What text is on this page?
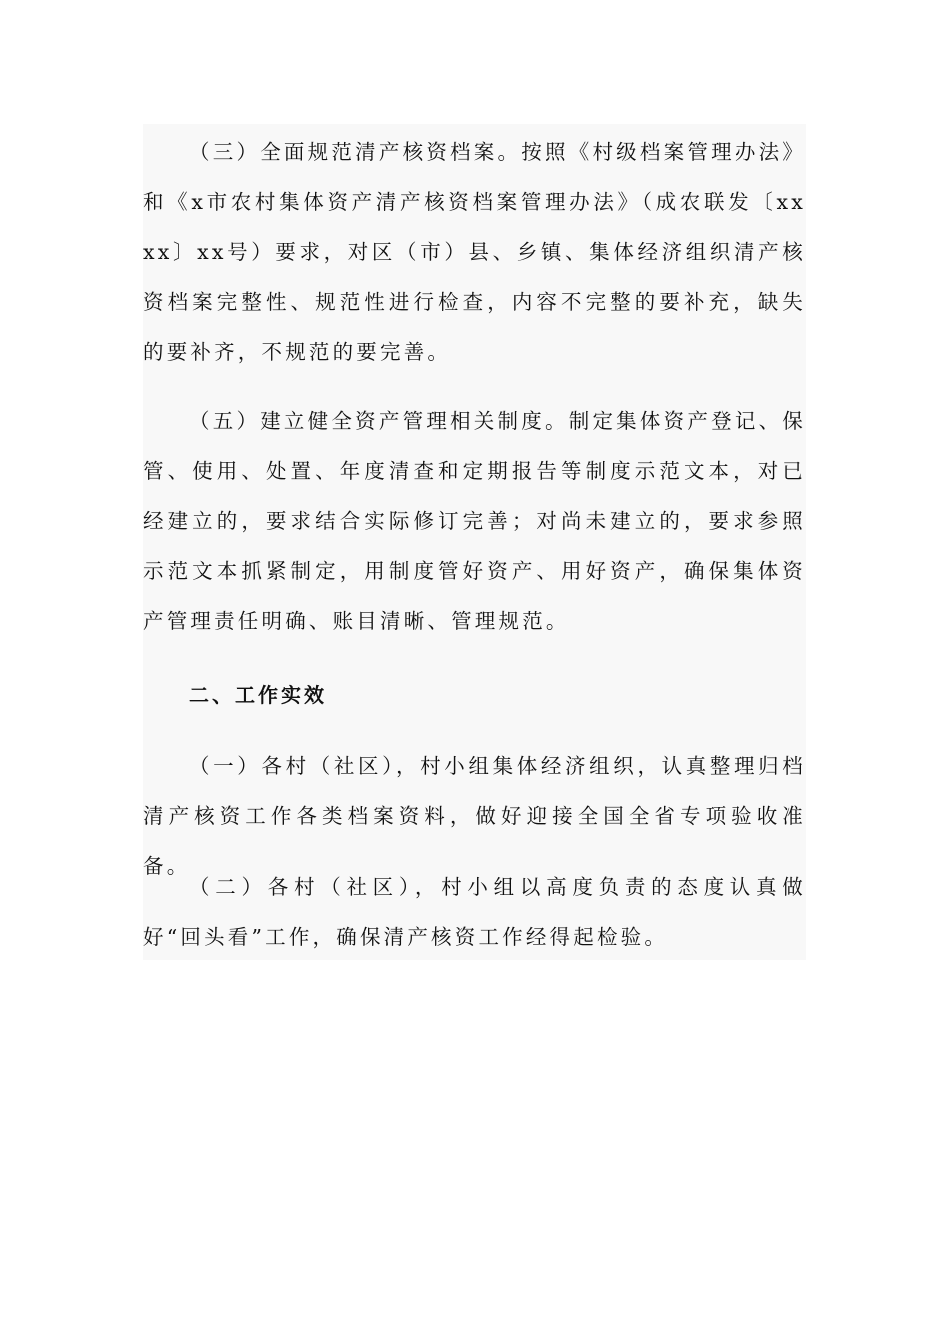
（三）全面规范清产核资档案。按照《村级档案管理办法》和《x市农村集体资产清产核资档案管理办法》（成农联发〔xxxx〕xx号）要求，对区（市）县、乡镇、集体经济组织清产核资档案完整性、规范性进行检查，内容不完整的要补充，缺失的要补齐，不规范的要完善。

（五）建立健全资产管理相关制度。制定集体资产登记、保管、使用、处置、年度清查和定期报告等制度示范文本，对已经建立的，要求结合实际修订完善；对尚未建立的，要求参照示范文本抓紧制定，用制度管好资产、用好资产，确保集体资产管理责任明确、账目清晰、管理规范。

二、工作实效

（一）各村（社区），村小组集体经济组织，认真整理归档清产核资工作各类档案资料，做好迎接全国全省专项验收准备。

（二）各村（社区），村小组以高度负责的态度认真做好“回头看”工作，确保清产核资工作经得起检验。
